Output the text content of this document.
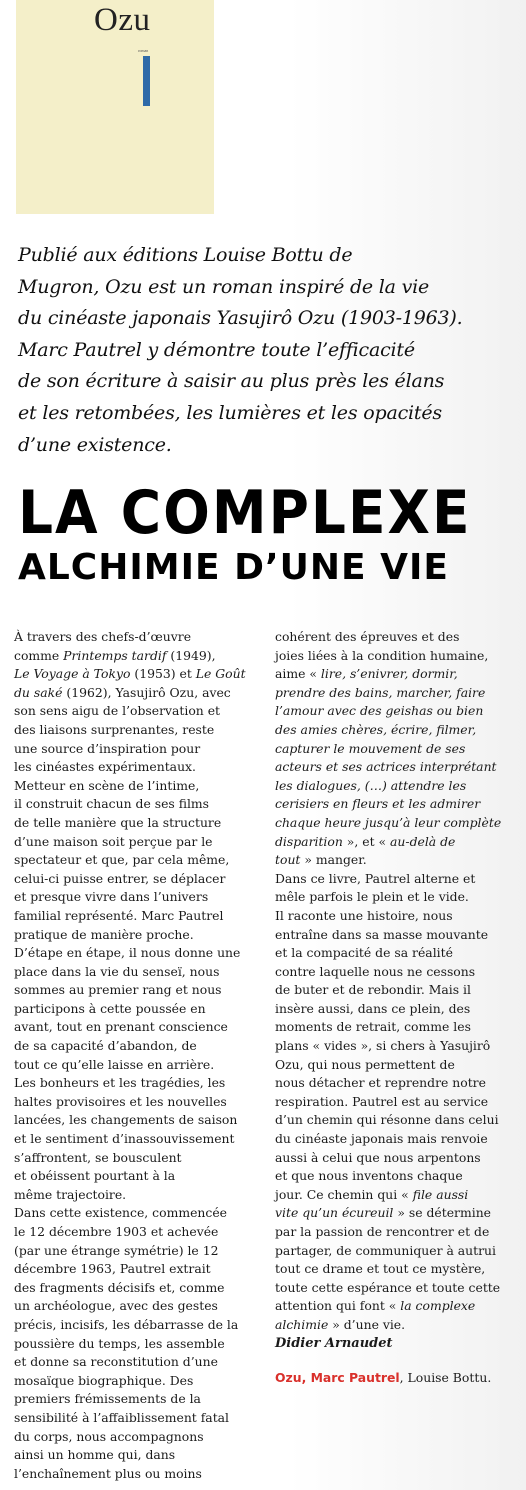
Ozu

roman

Publié aux éditions Louise Bottu de
Mugron, Ozu est un roman inspiré de la vie
du cinéaste japonais Yasujirô Ozu (1903-1963).
Marc Pautrel y démontre toute l’efficacité
de son écriture à saisir au plus près les élans
et les retombées, les lumières et les opacités
d’une existence.
LA COMPLEXE
ALCHIMIE D’UNE VIE
À travers des chefs-d’œuvre
comme Printemps tardif (1949),
Le Voyage à Tokyo (1953) et Le Goût
du saké (1962), Yasujirô Ozu, avec
son sens aigu de l’observation et
des liaisons surprenantes, reste
une source d’inspiration pour
les cinéastes expérimentaux.
Metteur en scène de l’intime,
il construit chacun de ses films
de telle manière que la structure
d’une maison soit perçue par le
spectateur et que, par cela même,
celui-ci puisse entrer, se déplacer
et presque vivre dans l’univers
familial représenté. Marc Pautrel
pratique de manière proche.
D’étape en étape, il nous donne une
place dans la vie du senseï, nous
sommes au premier rang et nous
participons à cette poussée en
avant, tout en prenant conscience
de sa capacité d’abandon, de
tout ce qu’elle laisse en arrière.
Les bonheurs et les tragédies, les
haltes provisoires et les nouvelles
lancées, les changements de saison
et le sentiment d’inassouvissement
s’affrontent, se bousculent
et obéissent pourtant à la
même trajectoire.
Dans cette existence, commencée
le 12 décembre 1903 et achevée
(par une étrange symétrie) le 12
décembre 1963, Pautrel extrait
des fragments décisifs et, comme
un archéologue, avec des gestes
précis, incisifs, les débarrasse de la
poussière du temps, les assemble
et donne sa reconstitution d’une
mosaïque biographique. Des
premiers frémissements de la
sensibilité à l’affaiblissement fatal
du corps, nous accompagnons
ainsi un homme qui, dans
l’enchaînement plus ou moins
cohérent des épreuves et des
joies liées à la condition humaine,
aime « lire, s’enivrer, dormir,
prendre des bains, marcher, faire
l’amour avec des geishas ou bien
des amies chères, écrire, filmer,
capturer le mouvement de ses
acteurs et ses actrices interprétant
les dialogues, (…) attendre les
cerisiers en fleurs et les admirer
chaque heure jusqu’à leur complète
disparition », et « au-delà de
tout » manger.
Dans ce livre, Pautrel alterne et
mêle parfois le plein et le vide.
Il raconte une histoire, nous
entraîne dans sa masse mouvante
et la compacité de sa réalité
contre laquelle nous ne cessons
de buter et de rebondir. Mais il
insère aussi, dans ce plein, des
moments de retrait, comme les
plans « vides », si chers à Yasujirô
Ozu, qui nous permettent de
nous détacher et reprendre notre
respiration. Pautrel est au service
d’un chemin qui résonne dans celui
du cinéaste japonais mais renvoie
aussi à celui que nous arpentons
et que nous inventons chaque
jour. Ce chemin qui « file aussi
vite qu’un écureuil » se détermine
par la passion de rencontrer et de
partager, de communiquer à autrui
tout ce drame et tout ce mystère,
toute cette espérance et toute cette
attention qui font « la complexe
alchimie » d’une vie.
Didier Arnaudet

Ozu, Marc Pautrel, Louise Bottu.
